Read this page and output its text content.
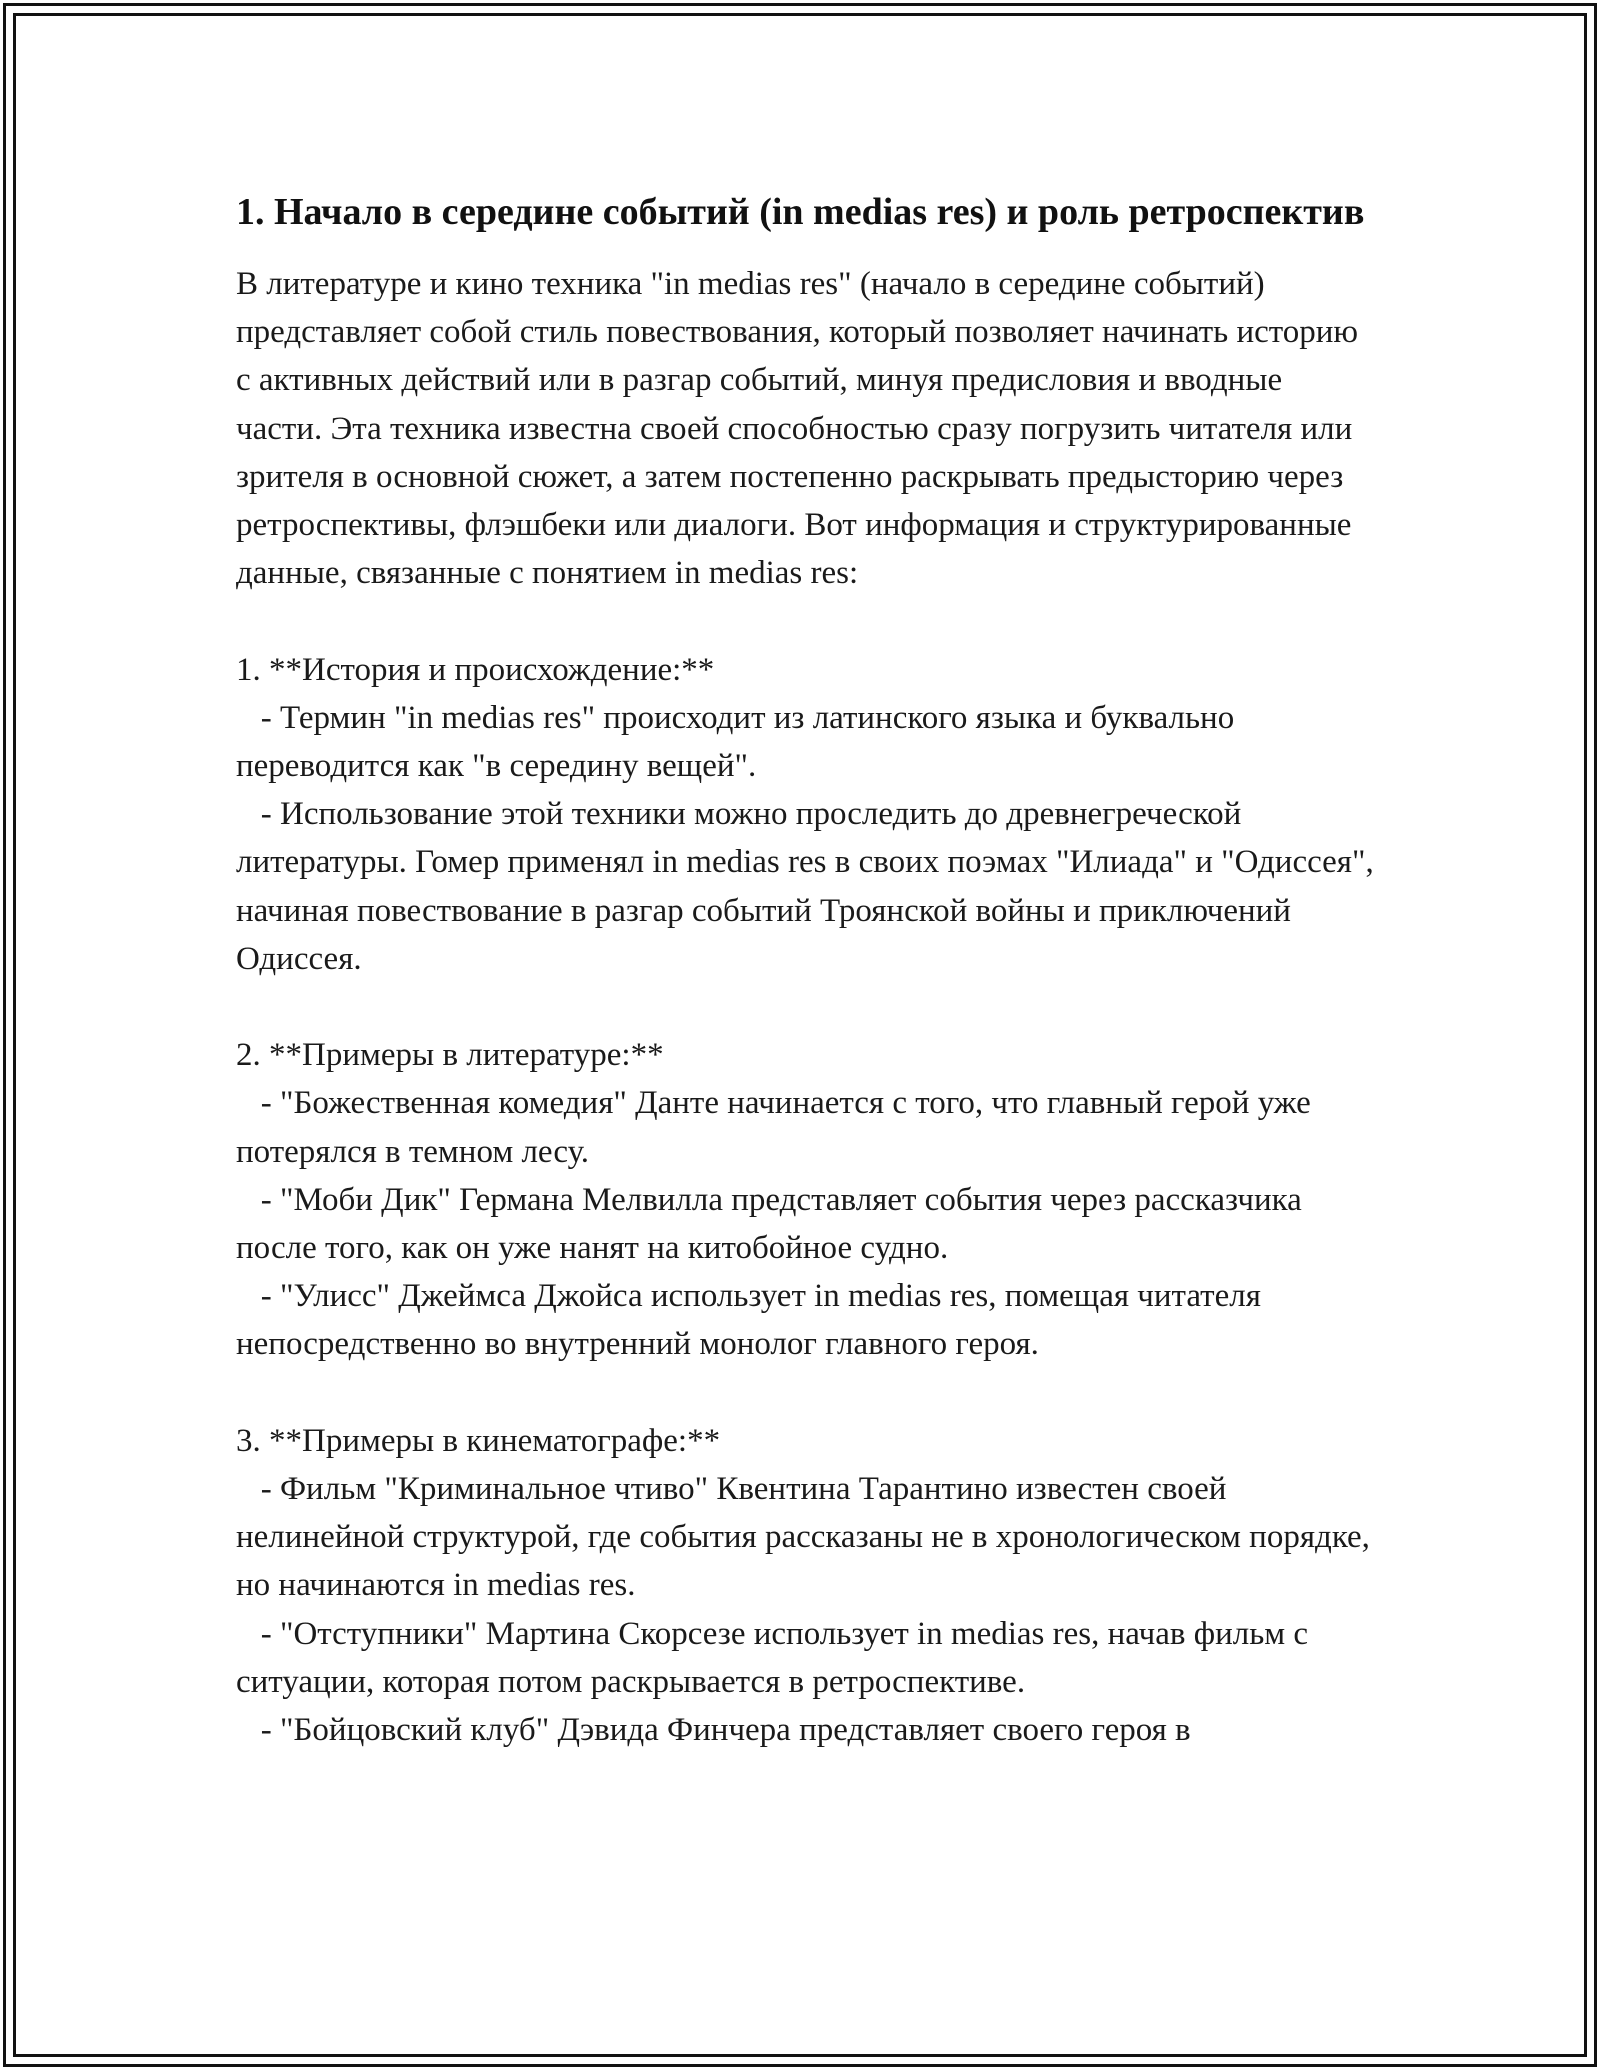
1. Начало в середине событий (in medias res) и роль ретроспектив

В литературе и кино техника "in medias res" (начало в середине событий) представляет собой стиль повествования, который позволяет начинать историю с активных действий или в разгар событий, минуя предисловия и вводные части. Эта техника известна своей способностью сразу погрузить читателя или зрителя в основной сюжет, а затем постепенно раскрывать предысторию через ретроспективы, флэшбеки или диалоги. Вот информация и структурированные данные, связанные с понятием in medias res:

1. **История и происхождение:**

- Термин "in medias res" происходит из латинского языка и буквально переводится как "в середину вещей".

- Использование этой техники можно проследить до древнегреческой литературы. Гомер применял in medias res в своих поэмах "Илиада" и "Одиссея", начиная повествование в разгар событий Троянской войны и приключений Одиссея.

2. **Примеры в литературе:**

- "Божественная комедия" Данте начинается с того, что главный герой уже потерялся в темном лесу.

- "Моби Дик" Германа Мелвилла представляет события через рассказчика после того, как он уже нанят на китобойное судно.

- "Улисс" Джеймса Джойса использует in medias res, помещая читателя непосредственно во внутренний монолог главного героя.

3. **Примеры в кинематографе:**

- Фильм "Криминальное чтиво" Квентина Тарантино известен своей нелинейной структурой, где события рассказаны не в хронологическом порядке, но начинаются in medias res.

- "Отступники" Мартина Скорсезе использует in medias res, начав фильм с ситуации, которая потом раскрывается в ретроспективе.

- "Бойцовский клуб" Дэвида Финчера представляет своего героя в
